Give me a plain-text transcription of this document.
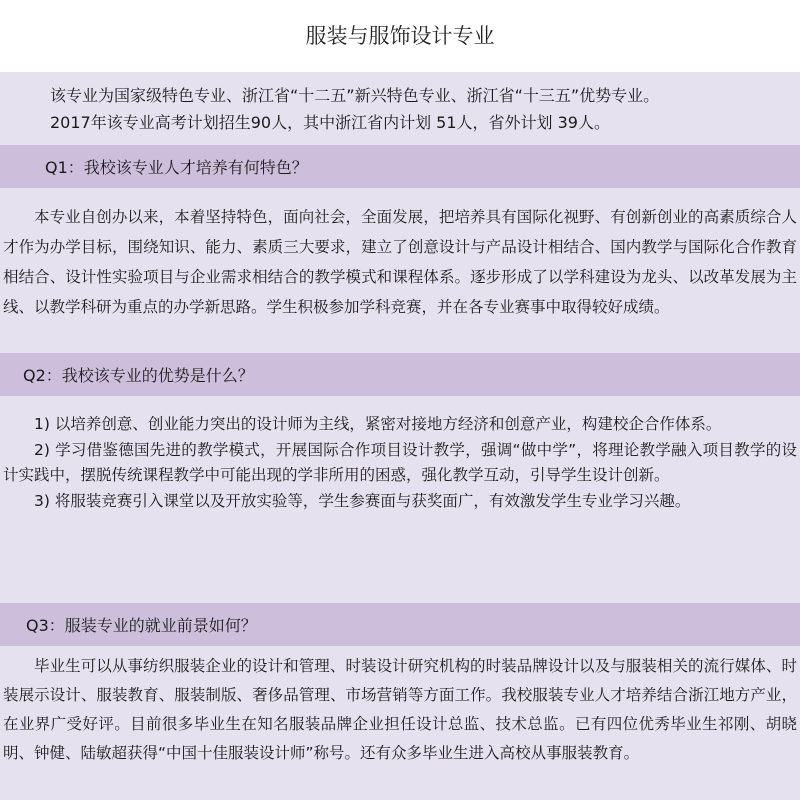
服装与服饰设计专业

该专业为国家级特色专业、浙江省“十二五”新兴特色专业、浙江省“十三五”优势专业。

2017年该专业高考计划招生90人，其中浙江省内计划 51人，省外计划 39人。

Q1：我校该专业人才培养有何特色？

本专业自创办以来，本着坚持特色，面向社会，全面发展，把培养具有国际化视野、有创新创业的高素质综合人才作为办学目标，围绕知识、能力、素质三大要求，建立了创意设计与产品设计相结合、国内教学与国际化合作教育相结合、设计性实验项目与企业需求相结合的教学模式和课程体系。逐步形成了以学科建设为龙头、以改革发展为主线、以教学科研为重点的办学新思路。学生积极参加学科竞赛，并在各专业赛事中取得较好成绩。

Q2：我校该专业的优势是什么？

1) 以培养创意、创业能力突出的设计师为主线，紧密对接地方经济和创意产业，构建校企合作体系。

2) 学习借鉴德国先进的教学模式，开展国际合作项目设计教学，强调“做中学”，将理论教学融入项目教学的设计实践中，摆脱传统课程教学中可能出现的学非所用的困惑，强化教学互动，引导学生设计创新。

3) 将服装竞赛引入课堂以及开放实验等，学生参赛面与获奖面广，有效激发学生专业学习兴趣。

Q3：服装专业的就业前景如何？

毕业生可以从事纺织服装企业的设计和管理、时装设计研究机构的时装品牌设计以及与服装相关的流行媒体、时装展示设计、服装教育、服装制版、奢侈品管理、市场营销等方面工作。我校服装专业人才培养结合浙江地方产业，在业界广受好评。目前很多毕业生在知名服装品牌企业担任设计总监、技术总监。已有四位优秀毕业生祁刚、胡晓明、钟健、陆敏超获得“中国十佳服装设计师”称号。还有众多毕业生进入高校从事服装教育。
